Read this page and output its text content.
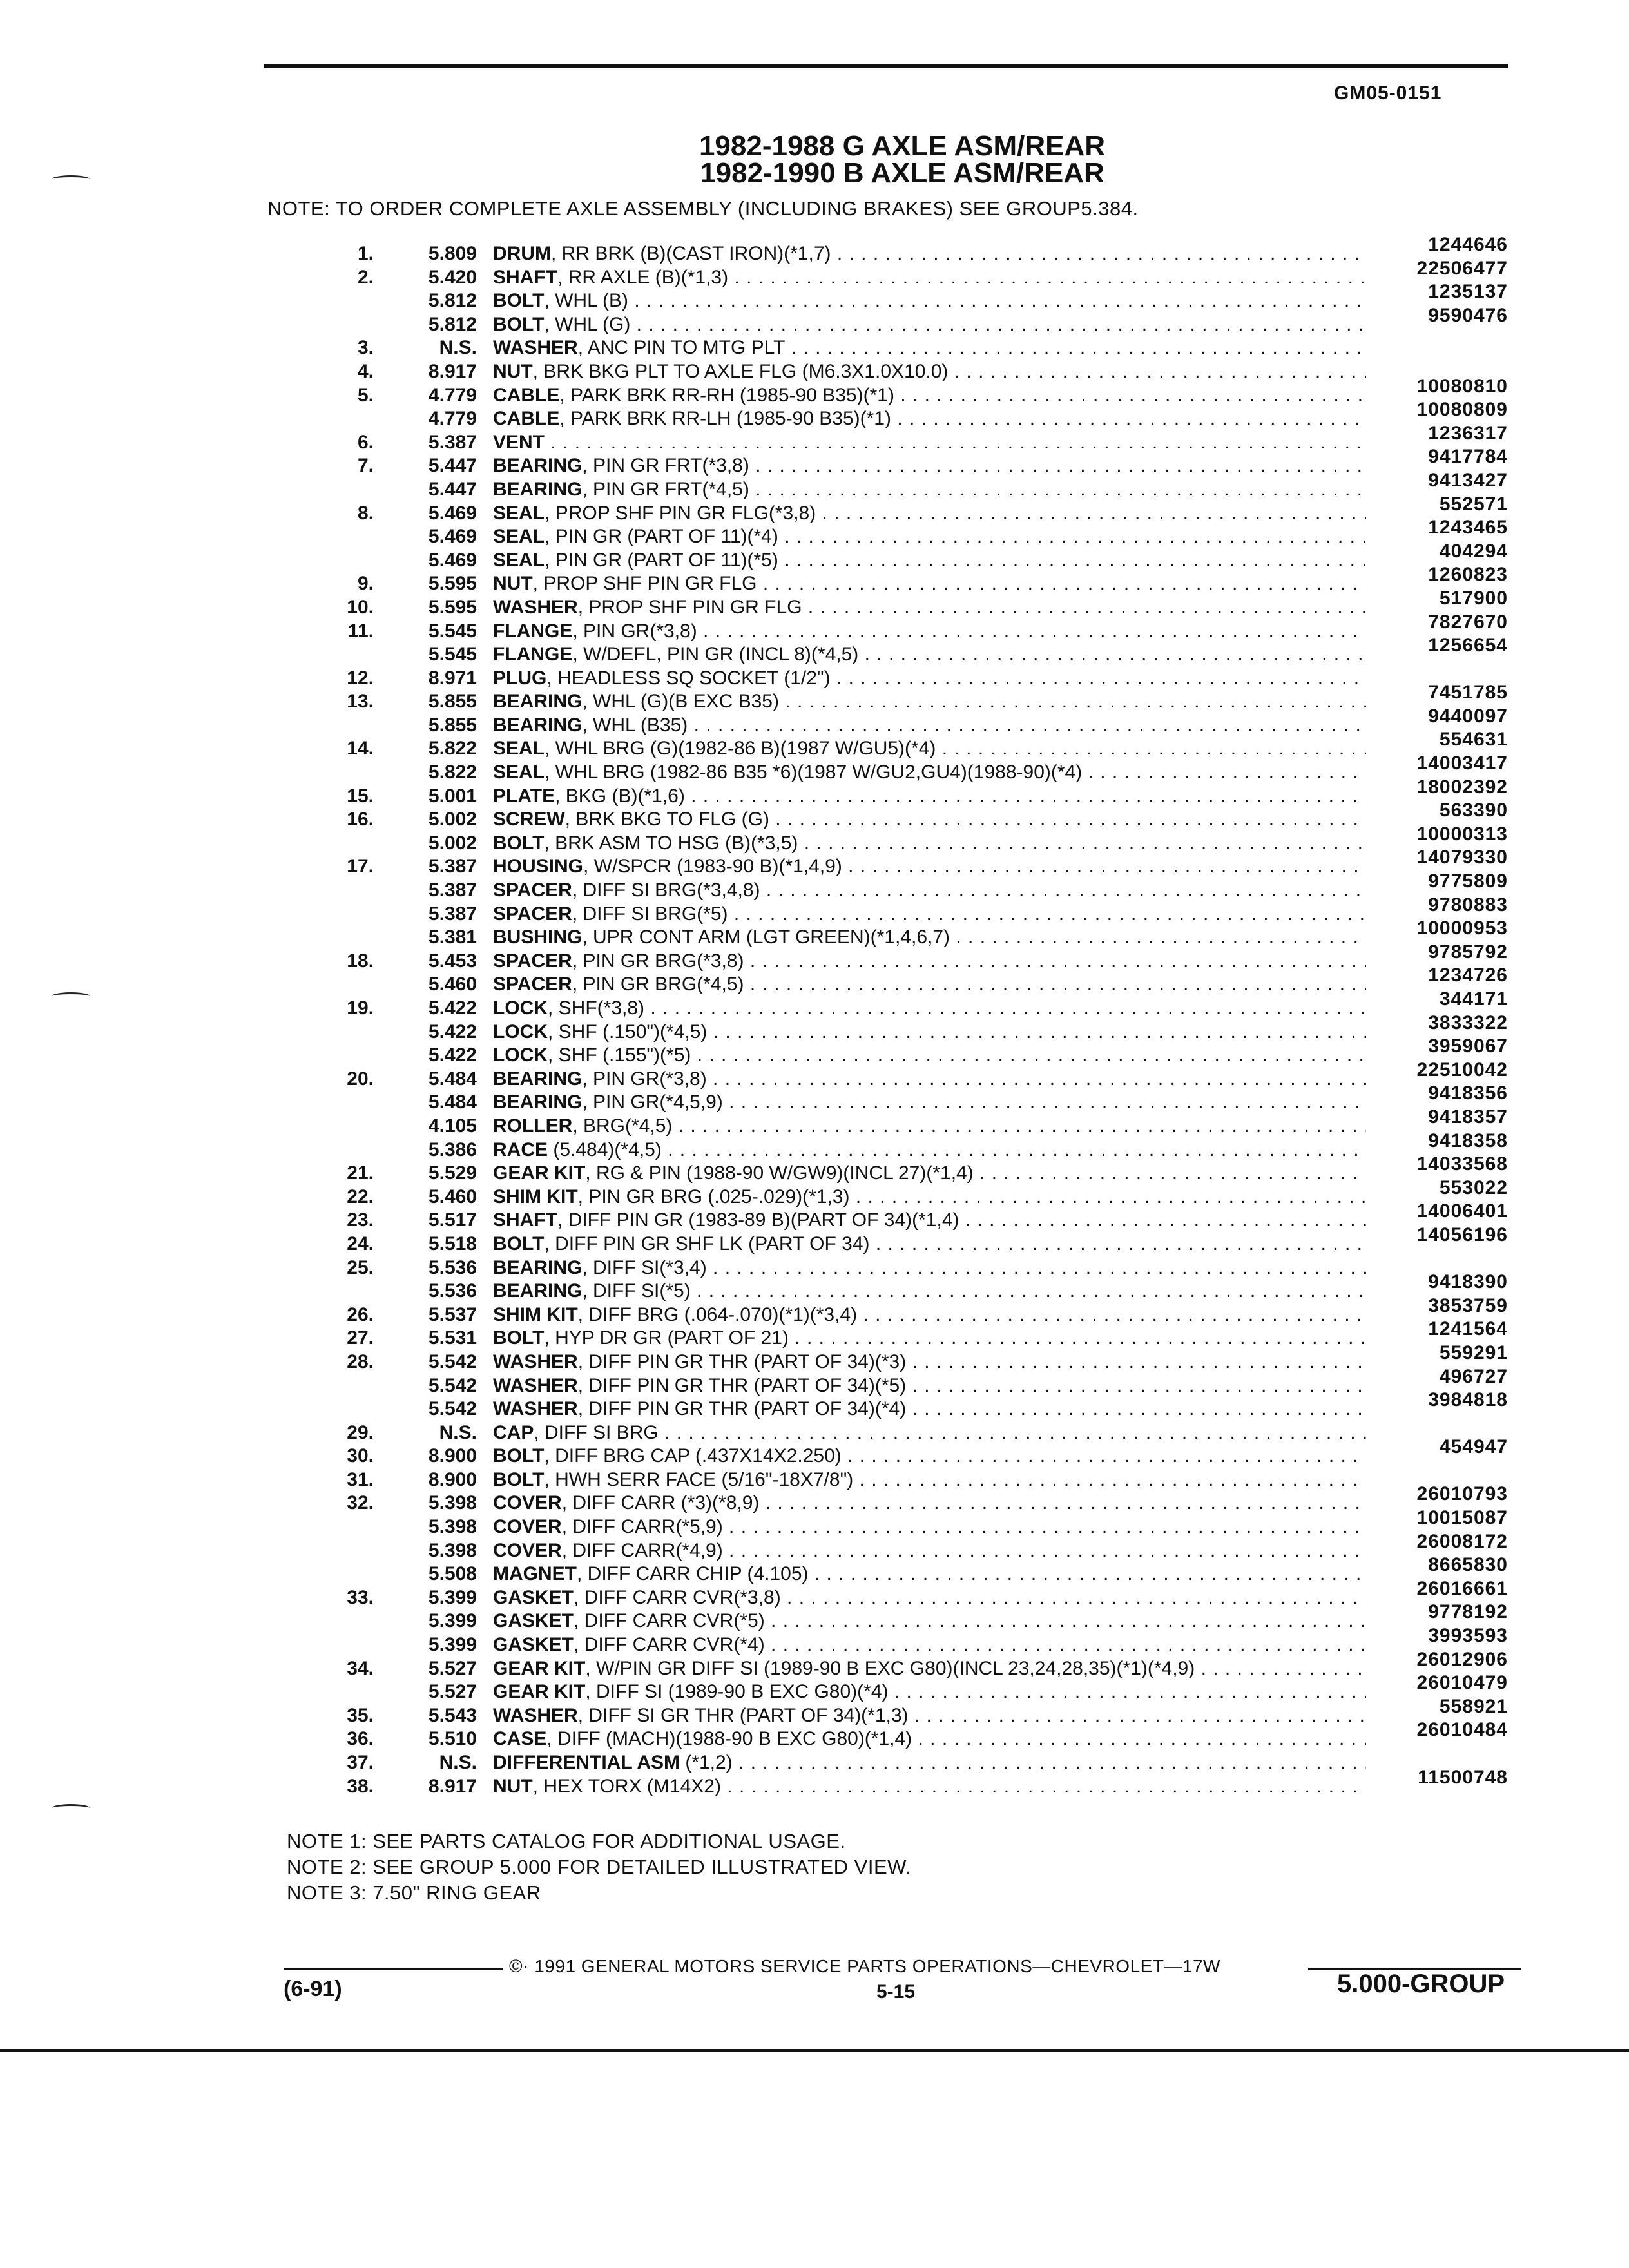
GM05-0151
1982-1988 G AXLE ASM/REAR
1982-1990 B AXLE ASM/REAR
NOTE: TO ORDER COMPLETE AXLE ASSEMBLY (INCLUDING BRAKES) SEE GROUP5.384.
1.	5.809 DRUM, RR BRK (B)(CAST IRON)(*1,7) . . .	1244646
2.	5.420 SHAFT, RR AXLE (B)(*1,3) . . .	22506477
5.812 BOLT, WHL (B) . . .	1235137
5.812 BOLT, WHL (G) . . .	9590476
3.	N.S. WASHER, ANC PIN TO MTG PLT . . .
4.	8.917 NUT, BRK BKG PLT TO AXLE FLG (M6.3X1.0X10.0) . . .
5.	4.779 CABLE, PARK BRK RR-RH (1985-90 B35)(*1) . . .	10080810
4.779 CABLE, PARK BRK RR-LH (1985-90 B35)(*1) . . .	10080809
6.	5.387 VENT . . .	1236317
7.	5.447 BEARING, PIN GR FRT(*3,8) . . .	9417784
5.447 BEARING, PIN GR FRT(*4,5) . . .	9413427
8.	5.469 SEAL, PROP SHF PIN GR FLG(*3,8) . . .	552571
5.469 SEAL, PIN GR (PART OF 11)(*4) . . .	1243465
5.469 SEAL, PIN GR (PART OF 11)(*5) . . .	404294
9.	5.595 NUT, PROP SHF PIN GR FLG . . .	1260823
10.	5.595 WASHER, PROP SHF PIN GR FLG . . .	517900
11.	5.545 FLANGE, PIN GR(*3,8) . . .	7827670
5.545 FLANGE, W/DEFL, PIN GR (INCL 8)(*4,5) . . .	1256654
12.	8.971 PLUG, HEADLESS SQ SOCKET (1/2") . . .
13.	5.855 BEARING, WHL (G)(B EXC B35) . . .	7451785
5.855 BEARING, WHL (B35) . . .	9440097
14.	5.822 SEAL, WHL BRG (G)(1982-86 B)(1987 W/GU5)(*4) . . .	554631
5.822 SEAL, WHL BRG (1982-86 B35 *6)(1987 W/GU2,GU4)(1988-90)(*4) . . .	14003417
15.	5.001 PLATE, BKG (B)(*1,6) . . .	18002392
16.	5.002 SCREW, BRK BKG TO FLG (G) . . .	563390
5.002 BOLT, BRK ASM TO HSG (B)(*3,5) . . .	10000313
17.	5.387 HOUSING, W/SPCR (1983-90 B)(*1,4,9) . . .	14079330
5.387 SPACER, DIFF SI BRG(*3,4,8) . . .	9775809
5.387 SPACER, DIFF SI BRG(*5) . . .	9780883
5.381 BUSHING, UPR CONT ARM (LGT GREEN)(*1,4,6,7) . . .	10000953
18.	5.453 SPACER, PIN GR BRG(*3,8) . . .	9785792
5.460 SPACER, PIN GR BRG(*4,5) . . .	1234726
19.	5.422 LOCK, SHF(*3,8) . . .	344171
5.422 LOCK, SHF (.150")(*4,5) . . .	3833322
5.422 LOCK, SHF (.155")(*5) . . .	3959067
20.	5.484 BEARING, PIN GR(*3,8) . . .	22510042
5.484 BEARING, PIN GR(*4,5,9) . . .	9418356
4.105 ROLLER, BRG(*4,5) . . .	9418357
5.386 RACE (5.484)(*4,5) . . .	9418358
21.	5.529 GEAR KIT, RG & PIN (1988-90 W/GW9)(INCL 27)(*1,4) . . .	14033568
22.	5.460 SHIM KIT, PIN GR BRG (.025-.029)(*1,3) . . .	553022
23.	5.517 SHAFT, DIFF PIN GR (1983-89 B)(PART OF 34)(*1,4) . . .	14006401
24.	5.518 BOLT, DIFF PIN GR SHF LK (PART OF 34) . . .	14056196
25.	5.536 BEARING, DIFF SI(*3,4) . . .
5.536 BEARING, DIFF SI(*5) . . .	9418390
26.	5.537 SHIM KIT, DIFF BRG (.064-.070)(*1)(*3,4) . . .	3853759
27.	5.531 BOLT, HYP DR GR (PART OF 21) . . .	1241564
28.	5.542 WASHER, DIFF PIN GR THR (PART OF 34)(*3) . . .	559291
5.542 WASHER, DIFF PIN GR THR (PART OF 34)(*5) . . .	496727
5.542 WASHER, DIFF PIN GR THR (PART OF 34)(*4) . . .	3984818
29.	N.S. CAP, DIFF SI BRG . . .
30.	8.900 BOLT, DIFF BRG CAP (.437X14X2.250) . . .	454947
31.	8.900 BOLT, HWH SERR FACE (5/16"-18X7/8") . . .
32.	5.398 COVER, DIFF CARR (*3)(*8,9) . . .	26010793
5.398 COVER, DIFF CARR(*5,9) . . .	10015087
5.398 COVER, DIFF CARR(*4,9) . . .	26008172
5.508 MAGNET, DIFF CARR CHIP (4.105) . . .	8665830
33.	5.399 GASKET, DIFF CARR CVR(*3,8) . . .	26016661
5.399 GASKET, DIFF CARR CVR(*5) . . .	9778192
5.399 GASKET, DIFF CARR CVR(*4) . . .	3993593
34.	5.527 GEAR KIT, W/PIN GR DIFF SI (1989-90 B EXC G80)(INCL 23,24,28,35)(*1)(*4,9) . . .	26012906
5.527 GEAR KIT, DIFF SI (1989-90 B EXC G80)(*4) . . .	26010479
35.	5.543 WASHER, DIFF SI GR THR (PART OF 34)(*1,3) . . .	558921
36.	5.510 CASE, DIFF (MACH)(1988-90 B EXC G80)(*1,4) . . .	26010484
37.	N.S. DIFFERENTIAL ASM (*1,2) . . .
38.	8.917 NUT, HEX TORX (M14X2) . . .	11500748
NOTE 1: SEE PARTS CATALOG FOR ADDITIONAL USAGE.
NOTE 2: SEE GROUP 5.000 FOR DETAILED ILLUSTRATED VIEW.
NOTE 3: 7.50" RING GEAR
©· 1991 GENERAL MOTORS SERVICE PARTS OPERATIONS—CHEVROLET—17W
(6-91)	5-15	5.000-GROUP
